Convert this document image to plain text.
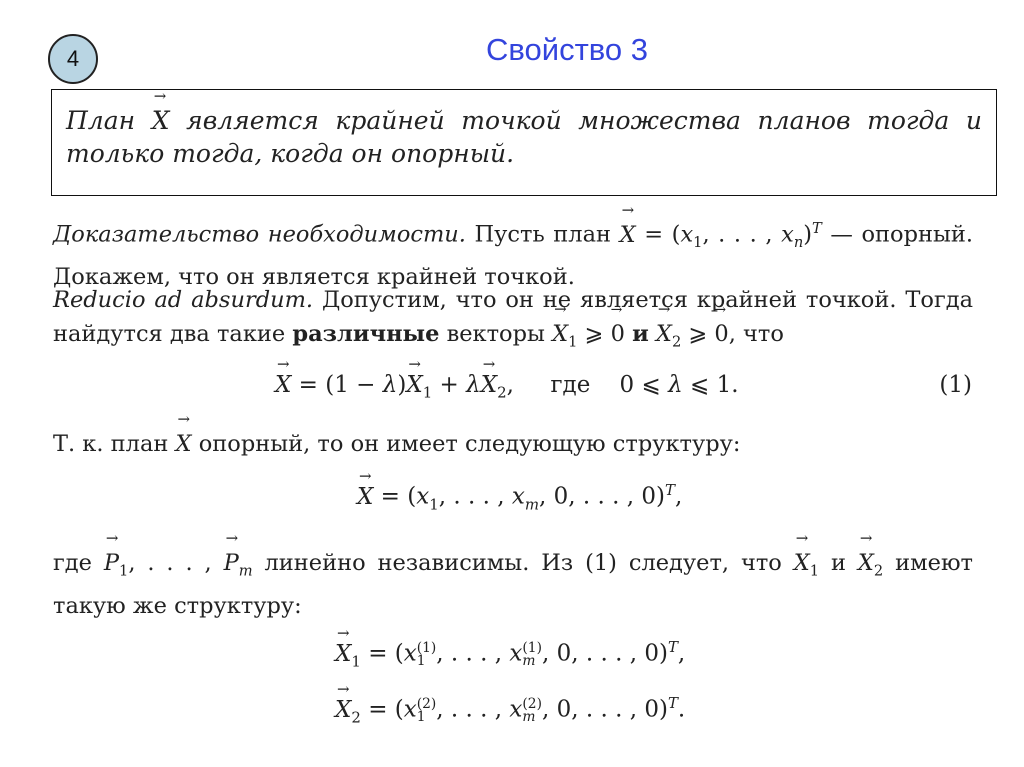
4	Свойство 3
План → X является крайней точкой множества планов тогда и только тогда, когда он опорный.
Доказательство необходимости. Пусть план → $X = (x_1$, . . . , $x_n)^T$ — опорный. Докажем, что он является крайней точкой.
Reducio ad absurdum. Допустим, что он не является крайней точкой. Тогда найдутся два такие различные векторы → $X_1$ ⩾ → 0 $и \to X_2$ ⩾ → 0, что
→ $X = (1 - \lambda)\to X_1 + \lambda\to X_2$,     где    0 ⩽ λ ⩽ 1.	(1)
Т. к. план → X опорный, то он имеет следующую структуру:
→ $X = (x_1$, . . . , $x_m$, 0, . . . , 0)$^T$,
где → $P_1$, . . . , → $P_m$ линейно независимы. Из (1) следует, что → $X_1$ $и \to X_2$ имеют такую же структуру:
→ $X_1 = (x(1)$
1 , . . . , x(1)
m , 0, . . . , 0)$^T$,
→ $X_2 = (x(2)$
1 , . . . , x(2)
m , 0, . . . , 0)$^T$.
